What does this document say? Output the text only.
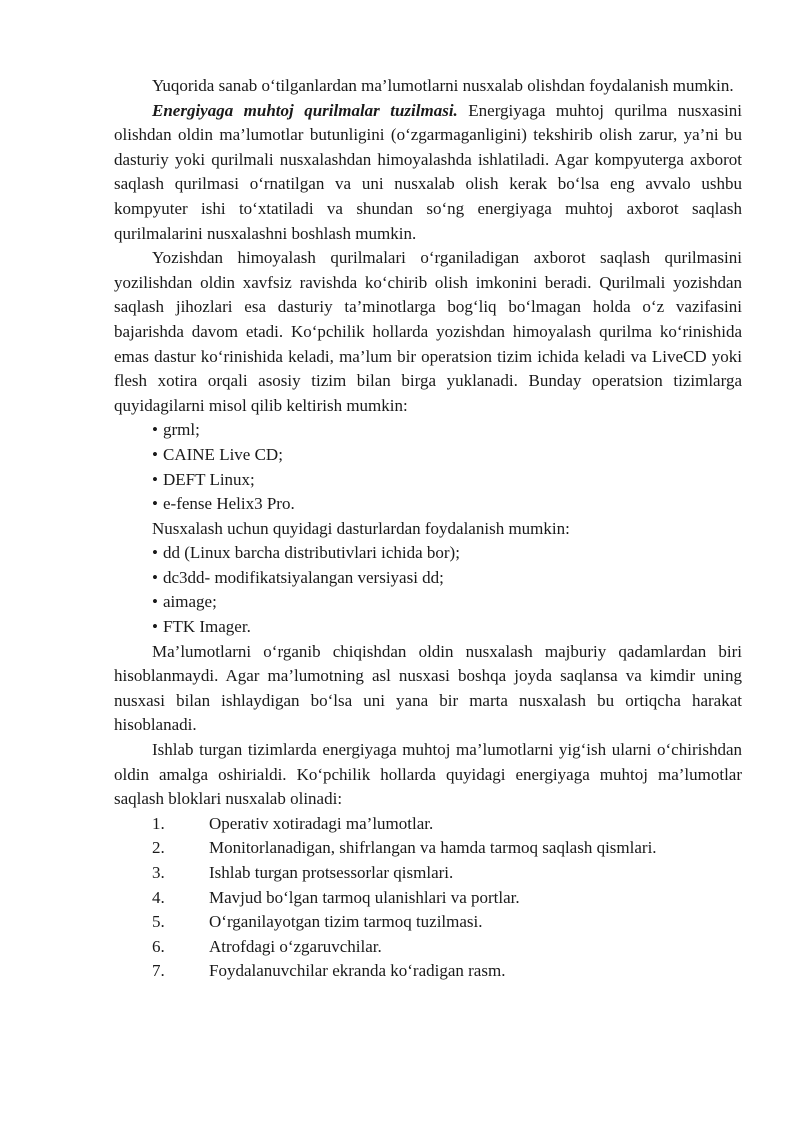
Yuqorida sanab o‘tilganlardan ma’lumotlarni nusxalab olishdan foydalanish mumkin.

Energiyaga muhtoj qurilmalar tuzilmasi. Energiyaga muhtoj qurilma nusxasini olishdan oldin ma’lumotlar butunligini (o‘zgarmaganligini) tekshirib olish zarur, ya’ni bu dasturiy yoki qurilmali nusxalashdan himoyalashda ishlatiladi. Agar kompyuterga axborot saqlash qurilmasi o‘rnatilgan va uni nusxalab olish kerak bo‘lsa eng avvalo ushbu kompyuter ishi to‘xtatiladi va shundan so‘ng energiyaga muhtoj axborot saqlash qurilmalarini nusxalashni boshlash mumkin.

Yozishdan himoyalash qurilmalari o‘rganiladigan axborot saqlash qurilmasini yozilishdan oldin xavfsiz ravishda ko‘chirib olish imkonini beradi. Qurilmali yozishdan saqlash jihozlari esa dasturiy ta’minotlarga bog‘liq bo‘lmagan holda o‘z vazifasini bajarishda davom etadi. Ko‘pchilik hollarda yozishdan himoyalash qurilma ko‘rinishida emas dastur ko‘rinishida keladi, ma’lum bir operatsion tizim ichida keladi va LiveCD yoki flesh xotira orqali asosiy tizim bilan birga yuklanadi. Bunday operatsion tizimlarga quyidagilarni misol qilib keltirish mumkin:

• grml;
• CAINE Live CD;
• DEFT Linux;
• e-fense Helix3 Pro.

Nusxalash uchun quyidagi dasturlardan foydalanish mumkin:

• dd (Linux barcha distributivlari ichida bor);
• dc3dd- modifikatsiyalangan versiyasi dd;
• aimage;
• FTK Imager.

Ma’lumotlarni o‘rganib chiqishdan oldin nusxalash majburiy qadamlardan biri hisoblanmaydi. Agar ma’lumotning asl nusxasi boshqa joyda saqlansa va kimdir uning nusxasi bilan ishlaydigan bo‘lsa uni yana bir marta nusxalash bu ortiqcha harakat hisoblanadi.

Ishlab turgan tizimlarda energiyaga muhtoj ma’lumotlarni yig‘ish ularni o‘chirishdan oldin amalga oshirialdi. Ko‘pchilik hollarda quyidagi energiyaga muhtoj ma’lumotlar saqlash bloklari nusxalab olinadi:

1.	Operativ xotiradagi ma’lumotlar.
2.	Monitorlanadigan, shifrlangan va hamda tarmoq saqlash qismlari.
3.	Ishlab turgan protsessorlar qismlari.
4.	Mavjud bo‘lgan tarmoq ulanishlari va portlar.
5.	O‘rganilayotgan tizim tarmoq tuzilmasi.
6.	Atrofdagi o‘zgaruvchilar.
7.	Foydalanuvchilar ekranda ko‘radigan rasm.
